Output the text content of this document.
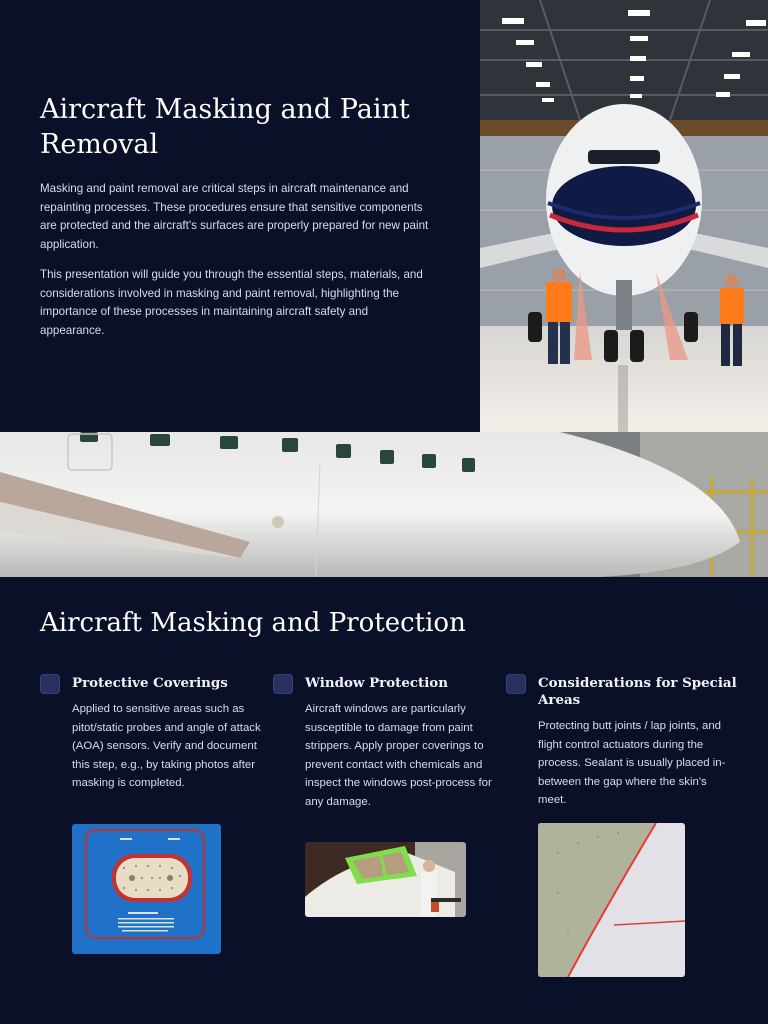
Aircraft Masking and Paint Removal

Masking and paint removal are critical steps in aircraft maintenance and repainting processes. These procedures ensure that sensitive components are protected and the aircraft's surfaces are properly prepared for new paint application.

This presentation will guide you through the essential steps, materials, and considerations involved in masking and paint removal, highlighting the importance of these processes in maintaining aircraft safety and appearance.

Aircraft Masking and Protection
Protective Coverings

Applied to sensitive areas such as pitot/static probes and angle of attack (AOA) sensors. Verify and document this step, e.g., by taking photos after masking is completed.

Window Protection

Aircraft windows are particularly susceptible to damage from paint strippers. Apply proper coverings to prevent contact with chemicals and inspect the windows post-process for any damage.

Considerations for Special Areas

Protecting butt joints / lap joints, and flight control actuators during the process. Sealant is usually placed in-between the gap where the skin's meet.
